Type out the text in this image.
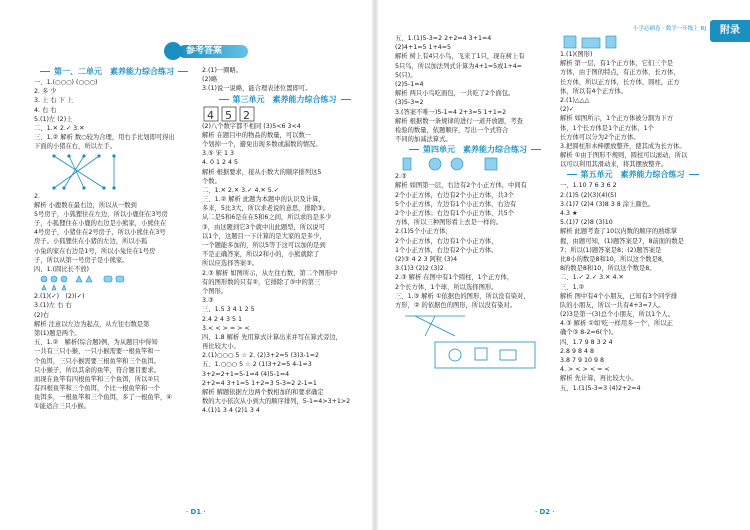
参考答案
第一、二单元　素养能力综合练习
一、1.(○○○) (○○○)
2. 多 少
3. 上 右 下 上
4. 右 右
5.(1)左 (2)上
二、1.✕ 2.✓ 3.✕
三、1.② 解析 数○较为合理，用右手比划即可得出
下面的小猪在右，所以左手。
2.
解析 小鹿数在最右边，所以从一数到
5号房子，小狐狸住在左边，所以小鹿住在3号房
子，小狐狸住在小鹿的右边是小熊家，小熊住在
4号房子，小猪住在2号房子，所以小熊住在3号
房子。小狐狸住在小猪的左边，所以小狐
小兔的家在右边是1号，所以小兔住在1号房
子，所以从第一号房子是小熊家。
四、1.(圆比长不放)
2.(1)(✓)　(2)(✓)
3.(1)左 右 右
(2)右
解析 注意以左边为起点，从左往右数是第
第(1)题是两个。
五、1.②　解析(综合题)例，为从题目中得知
一共有三只小猴，一只小猴需要一根鱼竿和一
个鱼饵，三只小猴需要三根鱼竿和三个鱼饵。
只小猴子，所以其余的鱼竿，符合题目要求。
而现在鱼竿有四根鱼竿和三个鱼饵，所以②只
有四根鱼竿和三个鱼饵，个比一根鱼竿和一个
鱼饵多，一根鱼竿和三个鱼饵，多了一根鱼竿，④
①能适合三只小猴。
2.(1)一圈略。
(2)略
3.(1)说一说略，能合理表述位置即可。
第三单元　素养能力综合练习
4 5 2
(2)八个数字都不相同 (3)5<6 3<4
解析 在题目中的物品的数量，可以数一
个划掉一个，避免出现多数或漏数的情况。
3.⑤ 宋 1 3
4. 0 1 2 4 5
解析 根据要求，接从小数大的顺序排列这5
个数。
二、1.✕ 2.✕ 3.✓ 4.✕ 5.✓
三、1.② 解析 此题为本题中的认识及计算，
多来，5比3大，所以求老说的意思，排除③。
从二是5和6是在在5和6之间，所以求的是多少
③，由这题到它3个就中出此题型，所以说可
以1个，这题目一下计算的是大家的是多少，
一个题能多加的，所以5等于这可以加的是到
不是正确答案，所以2和小的，小熊就除了
所以应选择答案③。
2.③ 解析 如图所示，从左往右数，第二个图形中
有的图形数的只有②，它排除了③中的第三
个图形。
3.③
三、1.5 3 4 1 2 5
2.4 2 4 3 5 1
3.< < > = > <
四、1.8 解析 先用算式计算出来并写在算式旁边，
再比较大小。
2.(1)○○○ 5 ☆ 2. (2)3+2=5 (3)3-1=2
五、1.○○○ 5 ☆ 2 (1)3+2=5 4-1=3
3+2=2+1=5-1=4 (4)5-1=4
2+2=4 3+1=5 1+2=3 5-3=2 2-1=1
解析 解题依据左边两个数相加的和要求确定
数的大小依次从小到大的顺序排列，5-1=4>3+1>2
4.(1)1 3 4 (2)1 3 4
· D1 ·
附录
小学必刷卷 · 数学一年级上 RJ
五、1.(1)5-3=2 2+2=4 3+1=4
(2)4+1=5 1+4=5
解析 树上有4只小鸟，飞来了1只，现在树上有
5只鸟，所以加法列式计算为4+1=5或1+4=
5(只)。
(2)5-1=4
解析 两只小鸟吃面包，一共吃了2个面包。
(3)5-3=2
3.(答案不唯一)5-1=4 2+3=5 1+1=2
解析 根据数一条规律的进行一道开放题，考查
检验的数量，依题顺序，写出一个式符合
不同的加减法算式。
第四单元　素养能力综合练习
2.③
解析 如图第一层，右边有2个小正方体，中间有
2个小正方体，右边有2个小正方体，共3个
5个小正方体，左边有1个小正方体，右边有
2个小正方体；右边有1个小正方体，共5个
方体，所以三种图形看上去是一样的。
2.(1)5个小正方体，
2个小正方体，右边有1个小正方体，
1个小正方体，右边有2个小正方体。
(2)③ 4 2 3 阿粒 (3)4
3.(1)3 (2)2 (3)2
2.③ 解析 在图中有1个圆柱，1个正方体，
2个长方体，1个球，所以选择图形。
三、1.③ 解析 ①依据色的图形，所以没有染对，
方形，② 的依据色的图形，所以没有染对。
1.(1)(图形)
解析 第一层，有1个正方体，它们三个是
方体，由于图的特点，有正方体，长方体，
长方体，所以正方体，长方体，圆柱，正方
体，所以有4个正方体。
2.(1)△△△
(2)✓
解析 如图所示，1个正方体被分割为下方
体，1个长方体是1个正方体，1个
长方体可以分为2个正方体。
3.把圆柱形木棒摆放整齐，使其成为长方体。
解析 ①由于图形不规则，圆柱可以滚动，所以
以可以利用其滑动来，将其摆放整齐。
第五单元　素养能力综合练习
一、1.10 7 6 3 6 2
2.(1)5 (2)(3)(4)(5)
3.(1)7 (2)4 (3)8 3 8 涂上颜色。
4.3 ★
5.(1)7 (2)8 (3)10
解析 此题考查了10以内数的顺序的熟练掌
握，由题可知，(1)题答案是7，8前面的数是
7；所以(1)题答案是8；(2)题答案是
比8小的数是8和10，所以这个数是8，
8的数是8和10，所以这个数是8。
二、1.✓ 2.✓ 3.✕ 4.✕
三、1.②
解析 图中有4个小朋友，已知有3个同学排
队的小朋友，所以一共有4+3=7人。
(2)3是第一(3)总个小朋友，所以1个人。
4.③ 解析 ①如'吃一样用多一个'，所以正
确个③ 8-2=6(个)。
四、1.7 9 8 3 2 4
2.8 9 8 4 8
3.8 7 9 10 9 8
4. > < > < = <
解析 先计算，再比较大小。
五、1.(1)5-3=3 (4)2+2=4
· D2 ·
